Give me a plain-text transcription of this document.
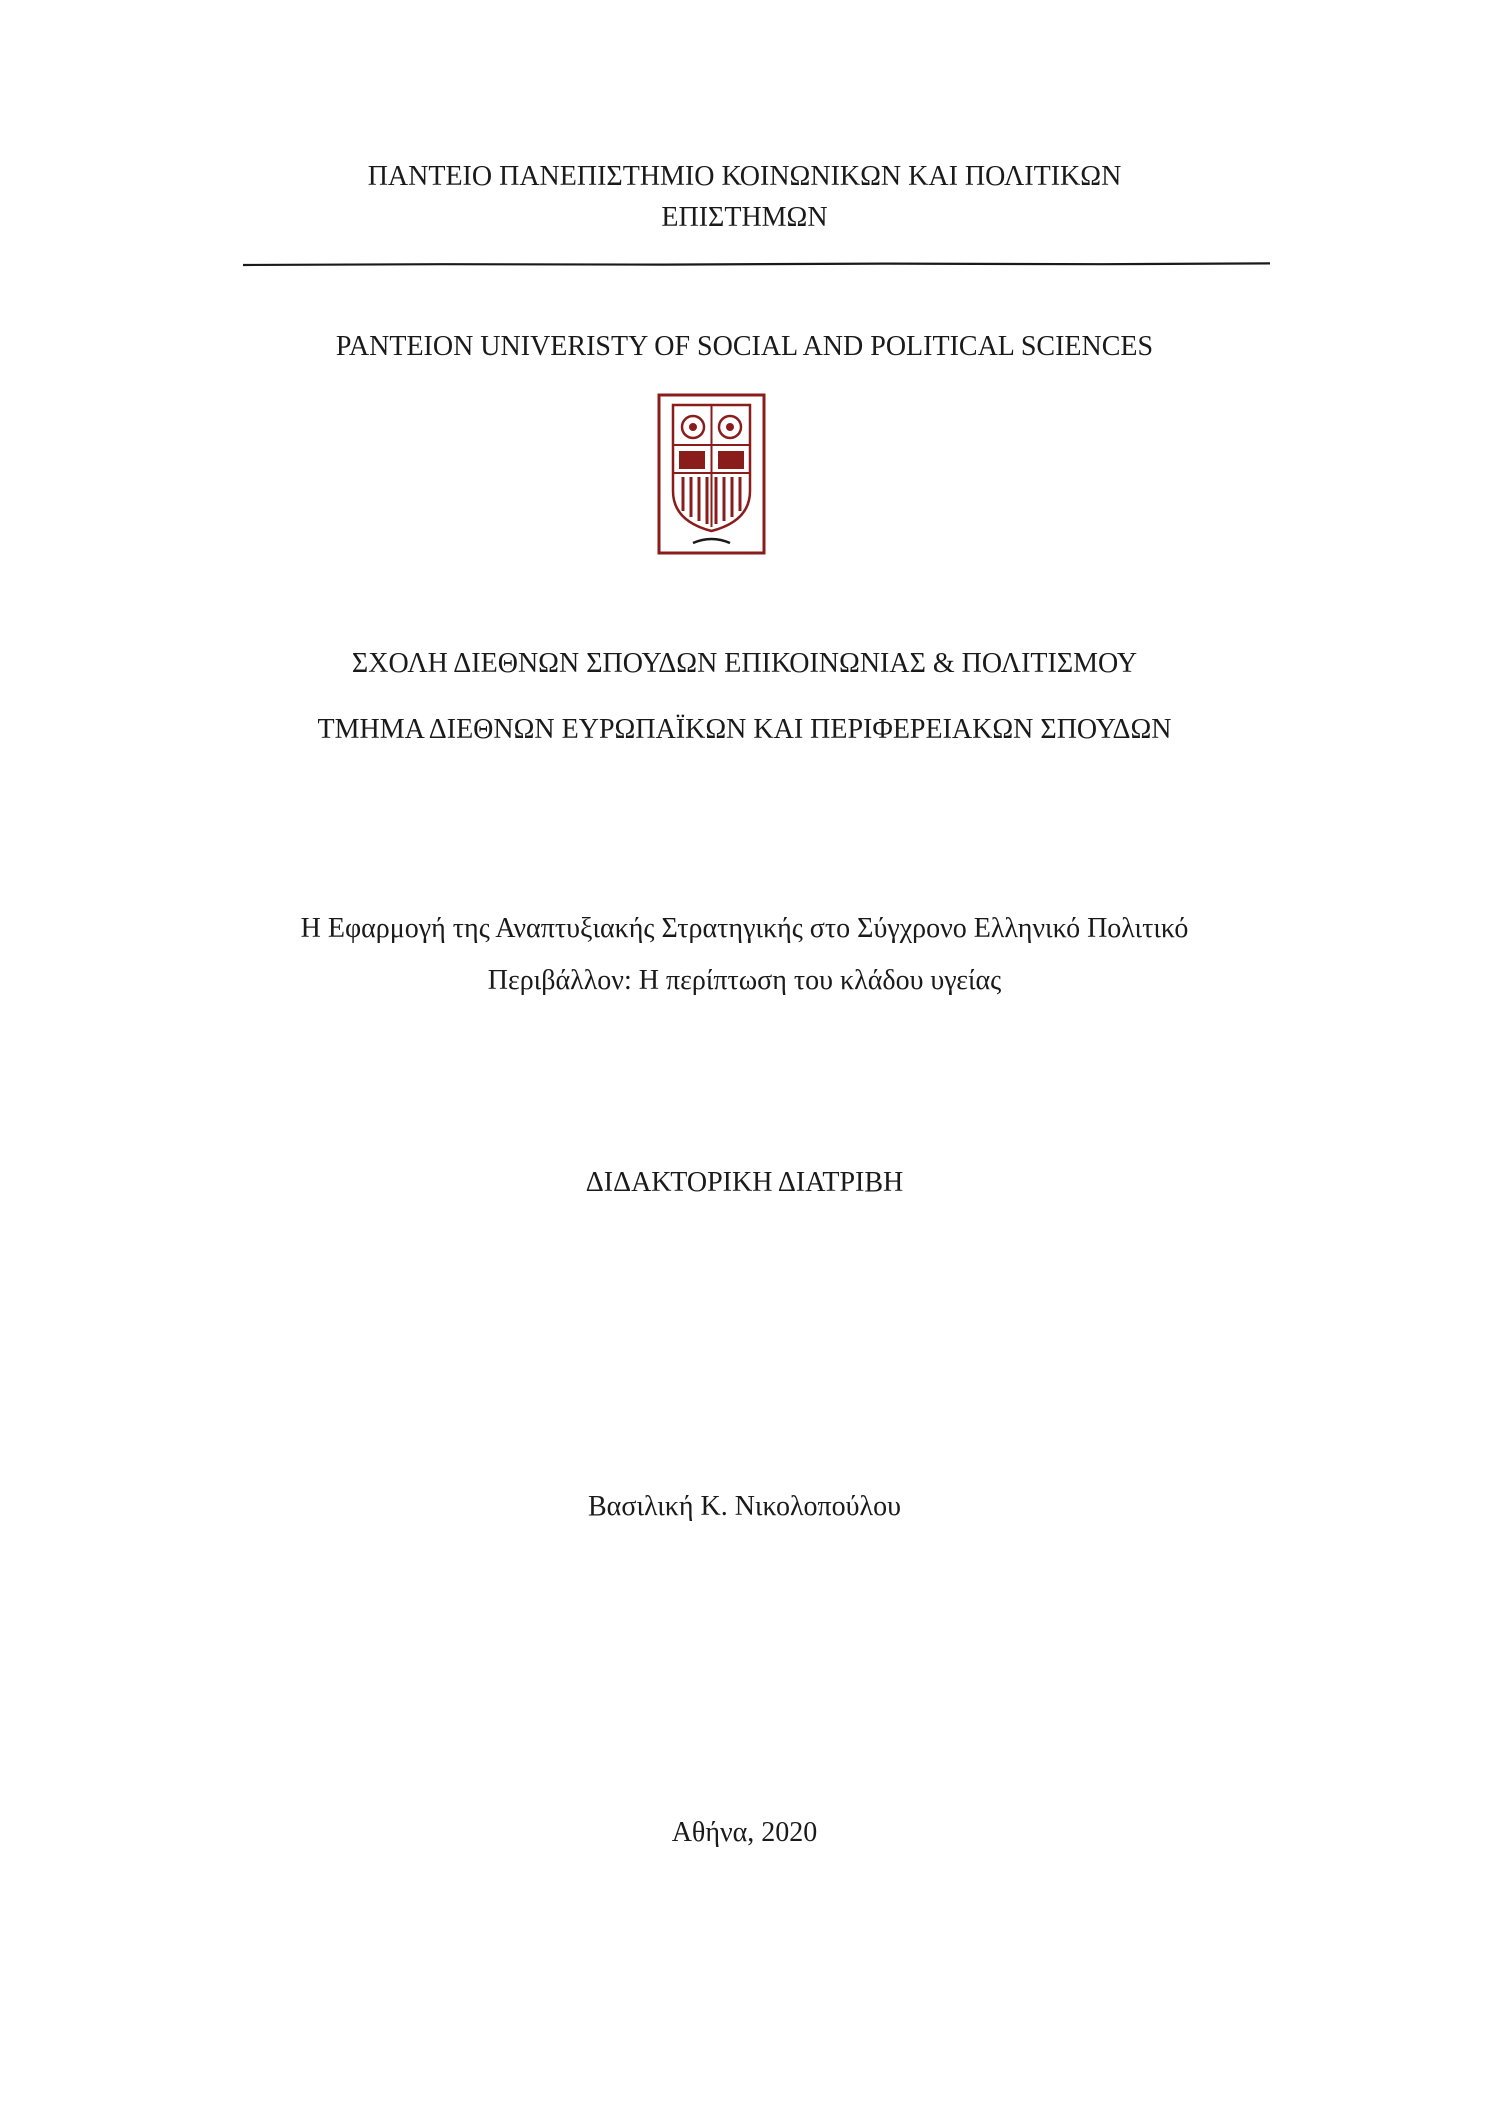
ΠΑΝΤΕΙΟ ΠΑΝΕΠΙΣΤΗΜΙΟ ΚΟΙΝΩΝΙΚΩΝ ΚΑΙ ΠΟΛΙΤΙΚΩΝ
ΕΠΙΣΤΗΜΩΝ
PANTEION UNIVERISTY OF SOCIAL AND POLITICAL SCIENCES
ΣΧΟΛΗ ΔΙΕΘΝΩΝ ΣΠΟΥΔΩΝ ΕΠΙΚΟΙΝΩΝΙΑΣ & ΠΟΛΙΤΙΣΜΟΥ
ΤΜΗΜΑ ΔΙΕΘΝΩΝ ΕΥΡΩΠΑΪΚΩΝ ΚΑΙ ΠΕΡΙΦΕΡΕΙΑΚΩΝ ΣΠΟΥΔΩΝ
Η Εφαρμογή της Αναπτυξιακής Στρατηγικής στο Σύγχρονο Ελληνικό Πολιτικό
Περιβάλλον: Η περίπτωση του κλάδου υγείας
ΔΙΔΑΚΤΟΡΙΚΗ ΔΙΑΤΡΙΒΗ
Βασιλική Κ. Νικολοπούλου
Αθήνα, 2020
